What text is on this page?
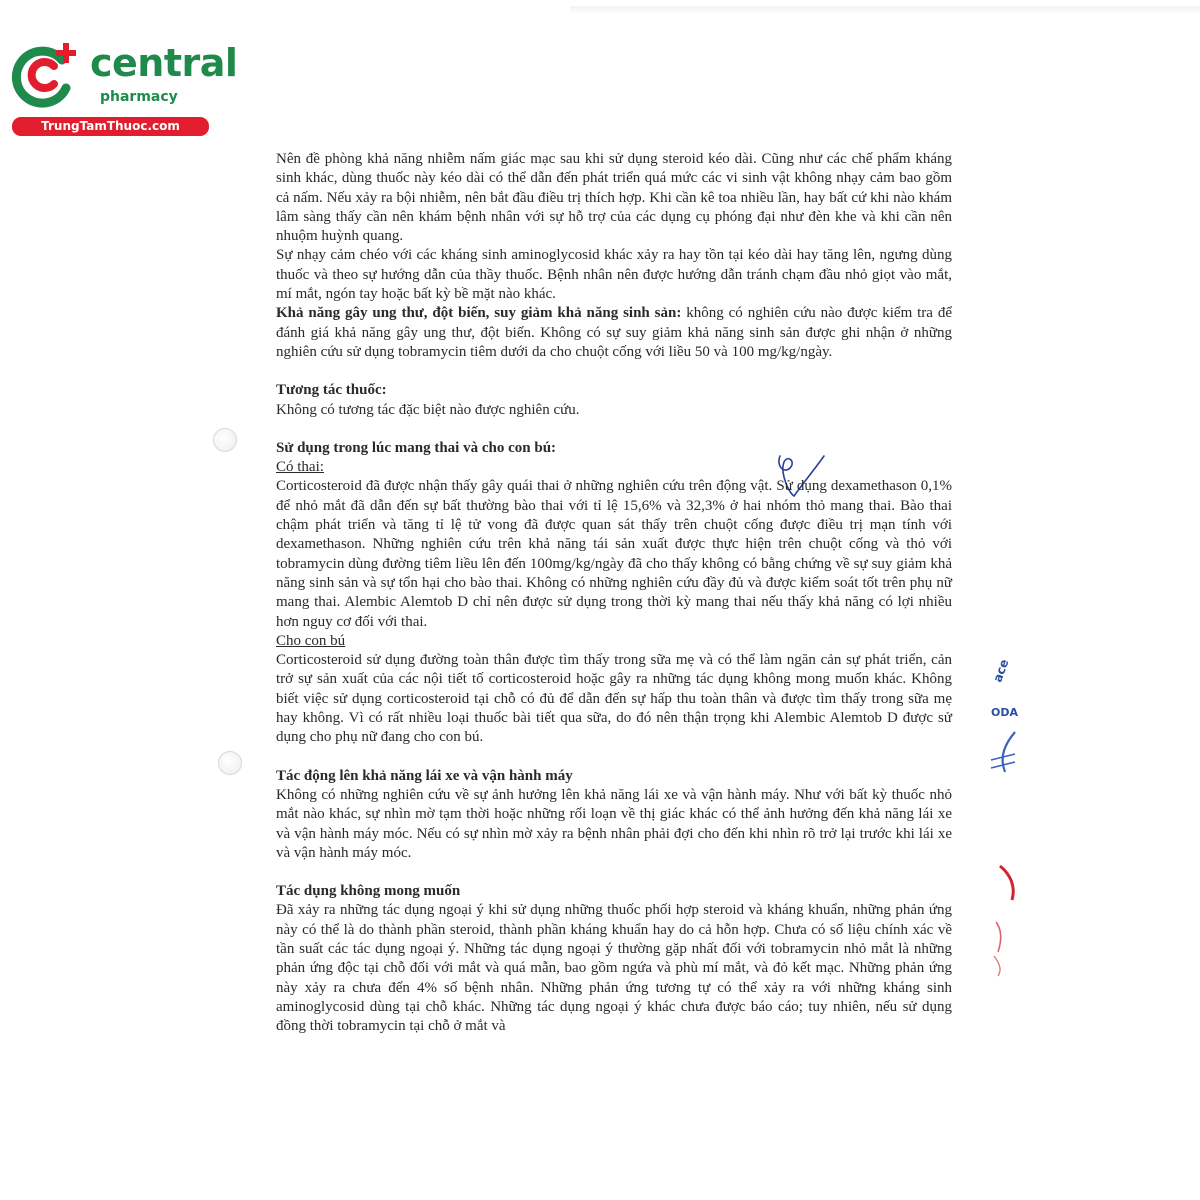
central
pharmacy
TrungTamThuoc.com
ace
ODA

Nên đề phòng khả năng nhiễm nấm giác mạc sau khi sử dụng steroid kéo dài. Cũng như các chế phẩm kháng sinh khác, dùng thuốc này kéo dài có thể dẫn đến phát triển quá mức các vi sinh vật không nhạy cảm bao gồm cả nấm. Nếu xảy ra bội nhiễm, nên bắt đầu điều trị thích hợp. Khi cần kê toa nhiều lần, hay bất cứ khi nào khám lâm sàng thấy cần nên khám bệnh nhân với sự hỗ trợ của các dụng cụ phóng đại như đèn khe và khi cần nên nhuộm huỳnh quang.

Sự nhạy cảm chéo với các kháng sinh aminoglycosid khác xảy ra hay tồn tại kéo dài hay tăng lên, ngưng dùng thuốc và theo sự hướng dẫn của thầy thuốc. Bệnh nhân nên được hướng dẫn tránh chạm đầu nhỏ giọt vào mắt, mí mắt, ngón tay hoặc bất kỳ bề mặt nào khác.

Khả năng gây ung thư, đột biến, suy giảm khả năng sinh sản: không có nghiên cứu nào được kiểm tra để đánh giá khả năng gây ung thư, đột biến. Không có sự suy giảm khả năng sinh sản được ghi nhận ở những nghiên cứu sử dụng tobramycin tiêm dưới da cho chuột cống với liều 50 và 100 mg/kg/ngày.

Tương tác thuốc:

Không có tương tác đặc biệt nào được nghiên cứu.

Sử dụng trong lúc mang thai và cho con bú:

Có thai:

Corticosteroid đã được nhận thấy gây quái thai ở những nghiên cứu trên động vật. Sử dụng dexamethason 0,1% để nhỏ mắt đã dẫn đến sự bất thường bào thai với tỉ lệ 15,6% và 32,3% ở hai nhóm thỏ mang thai. Bào thai chậm phát triển và tăng tỉ lệ tử vong đã được quan sát thấy trên chuột cống được điều trị mạn tính với dexamethason. Những nghiên cứu trên khả năng tái sản xuất được thực hiện trên chuột cống và thỏ với tobramycin dùng đường tiêm liều lên đến 100mg/kg/ngày đã cho thấy không có bằng chứng về sự suy giảm khả năng sinh sản và sự tổn hại cho bào thai. Không có những nghiên cứu đầy đủ và được kiểm soát tốt trên phụ nữ mang thai. Alembic Alemtob D chỉ nên được sử dụng trong thời kỳ mang thai nếu thấy khả năng có lợi nhiều hơn nguy cơ đối với thai.

Cho con bú

Corticosteroid sử dụng đường toàn thân được tìm thấy trong sữa mẹ và có thể làm ngăn cản sự phát triển, cản trở sự sản xuất của các nội tiết tố corticosteroid hoặc gây ra những tác dụng không mong muốn khác. Không biết việc sử dụng corticosteroid tại chỗ có đủ để dẫn đến sự hấp thu toàn thân và được tìm thấy trong sữa mẹ hay không. Vì có rất nhiều loại thuốc bài tiết qua sữa, do đó nên thận trọng khi Alembic Alemtob D được sử dụng cho phụ nữ đang cho con bú.

Tác động lên khả năng lái xe và vận hành máy

Không có những nghiên cứu về sự ảnh hưởng lên khả năng lái xe và vận hành máy. Như với bất kỳ thuốc nhỏ mắt nào khác, sự nhìn mờ tạm thời hoặc những rối loạn về thị giác khác có thể ảnh hưởng đến khả năng lái xe và vận hành máy móc. Nếu có sự nhìn mờ xảy ra bệnh nhân phải đợi cho đến khi nhìn rõ trở lại trước khi lái xe và vận hành máy móc.

Tác dụng không mong muốn

Đã xảy ra những tác dụng ngoại ý khi sử dụng những thuốc phối hợp steroid và kháng khuẩn, những phản ứng này có thể là do thành phần steroid, thành phần kháng khuẩn hay do cả hỗn hợp. Chưa có số liệu chính xác về tần suất các tác dụng ngoại ý. Những tác dụng ngoại ý thường gặp nhất đối với tobramycin nhỏ mắt là những phản ứng độc tại chỗ đối với mắt và quá mẫn, bao gồm ngứa và phù mí mắt, và đỏ kết mạc. Những phản ứng này xảy ra chưa đến 4% số bệnh nhân. Những phản ứng tương tự có thể xảy ra với những kháng sinh aminoglycosid dùng tại chỗ khác. Những tác dụng ngoại ý khác chưa được báo cáo; tuy nhiên, nếu sử dụng đồng thời tobramycin tại chỗ ở mắt và
